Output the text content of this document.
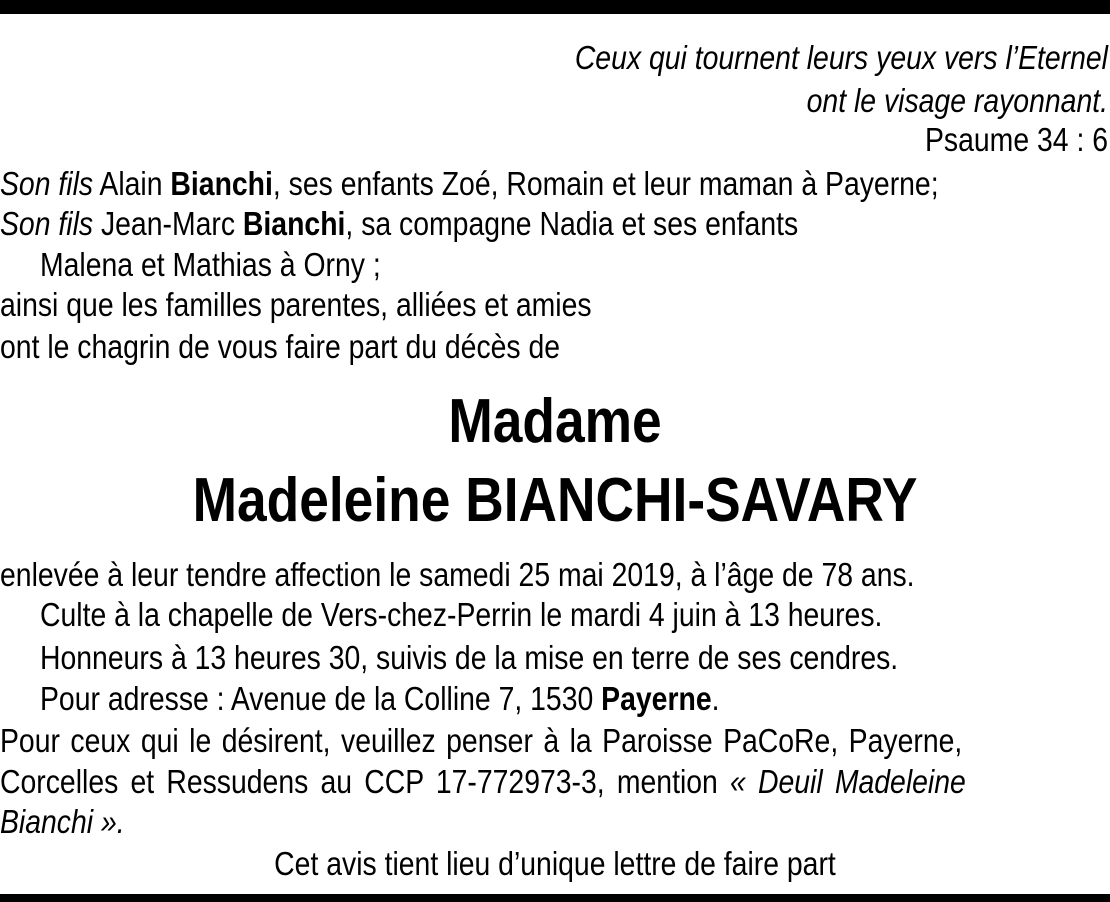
Ceux qui tournent leurs yeux vers l’Eternel
ont le visage rayonnant.
Psaume 34 : 6
Son fils Alain Bianchi, ses enfants Zoé, Romain et leur maman à Payerne;
Son fils Jean-Marc Bianchi, sa compagne Nadia et ses enfants
Malena et Mathias à Orny ;
ainsi que les familles parentes, alliées et amies
ont le chagrin de vous faire part du décès de
Madame
Madeleine BIANCHI-SAVARY
enlevée à leur tendre affection le samedi 25 mai 2019, à l’âge de 78 ans.
Culte à la chapelle de Vers-chez-Perrin le mardi 4 juin à 13 heures.
Honneurs à 13 heures 30, suivis de la mise en terre de ses cendres.
Pour adresse : Avenue de la Colline 7, 1530 Payerne.
Pour ceux qui le désirent, veuillez penser à la Paroisse PaCoRe, Payerne,
Corcelles et Ressudens au CCP 17-772973-3, mention « Deuil Madeleine
Bianchi ».
Cet avis tient lieu d’unique lettre de faire part
